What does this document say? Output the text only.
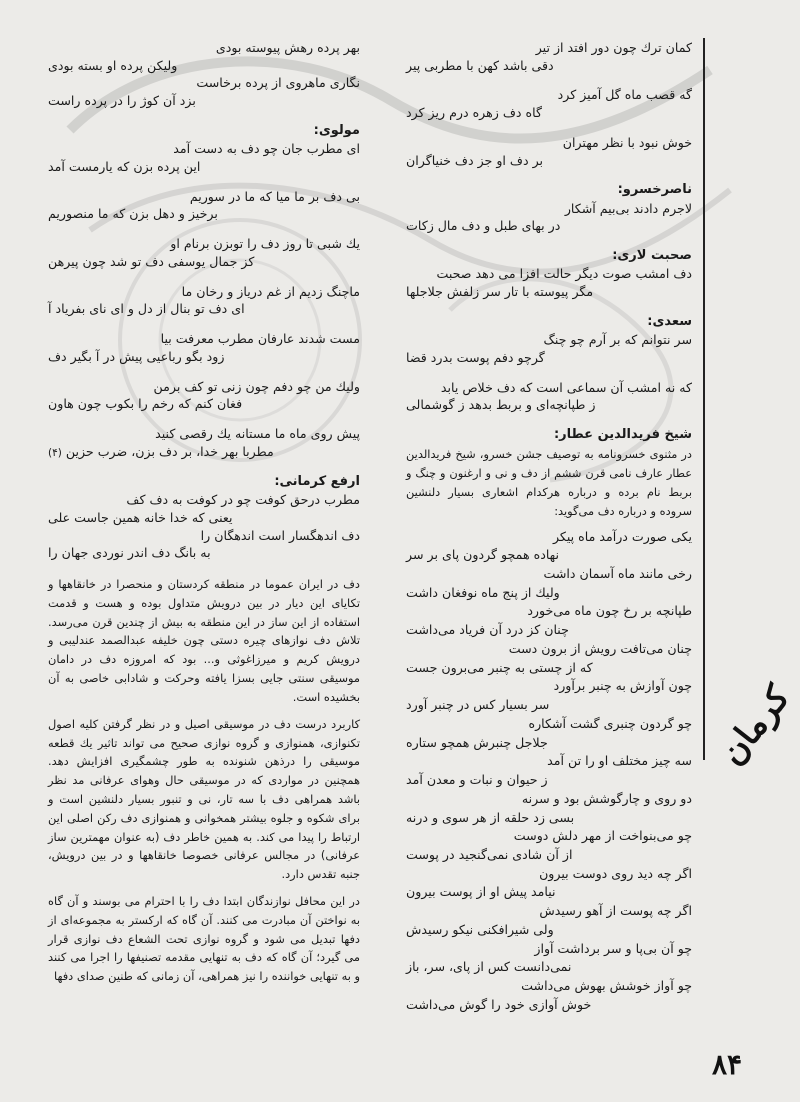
كمان ترك چون دور افتد از تير
دقى باشد كهن با مطربى پير
گه قصب ماه گل آميز كرد
گاه دف زهره درم ريز كرد
خوش نبود با نظر مهتران
بر دف او جز دف خنياگران
ناصرخسرو:
لاجرم دادند بى‌بيم آشكار
در بهاى طبل و دف مال زكات
صحبت لارى:
دف امشب صوت ديگر حالت افزا مى دهد صحبت
مگر پيوسته با تار سر زلفش جلاجلها
سعدى:
سر نتوانم كه بر آرم چو چنگ
گرچو دفم پوست بدرد قضا
كه نه امشب آن سماعى است كه دف خلاص يابد
ز طپانچه‌اى و بربط بدهد ز گوشمالى
شيخ فريدالدين عطار:

در مثنوى خسرونامه به توصيف جشن خسرو، شيخ فريدالدين عطار عارف نامى قرن ششم از دف و نى و ارغنون و چنگ و بربط نام برده و درباره هركدام اشعارى بسيار دلنشين سروده و درباره دف مى‌گويد:

يكى صورت درآمد ماه پيكر
نهاده همچو گردون پاى بر سر
رخى مانند ماه آسمان داشت
وليك از پنج ماه نوفغان داشت
طپانچه بر رخ چون ماه مى‌خورد
چنان كز درد آن فرياد مى‌داشت
چنان مى‌تافت رويش از برون دست
كه از چستى به چنبر مى‌برون جست
چون آوازش به چنبر برآورد
سر بسيار كس در چنبر آورد
چو گردون چنبرى گشت آشكاره
جلاجل چنبرش همچو ستاره
سه چيز مختلف او را تن آمد
ز حيوان و نبات و معدن آمد
دو روى و چارگوشش بود و سرنه
بسى زد حلقه از هر سوى و درنه
چو مى‌بنواخت از مهر دلش دوست
از آن شادى نمى‌گنجيد در پوست
اگر چه ديد روى دوست بيرون
نيامد پيش او از پوست بيرون
اگر چه پوست از آهو رسيدش
ولى شيرافكنى نيكو رسيدش
چو آن بى‌پا و سر برداشت آواز
نمى‌دانست كس از پاى، سر، باز
چو آواز خوشش بهوش مى‌داشت
خوش آوازى خود را گوش مى‌داشت
كرمان
۸۴
بهر پرده رهش پيوسته بودى
وليكن پرده او بسته بودى
نگارى ماهروى از پرده برخاست
بزد آن كوژ را در پرده راست
مولوى:
اى مطرب جان چو دف به دست آمد
اين پرده بزن كه يارمست آمد
بى دف بر ما ميا كه ما در سوريم
برخيز و دهل بزن كه ما منصوريم
يك شبى تا روز دف را توبزن برنام او
كز جمال يوسفى دف تو شد چون پيرهن
ماچنگ زديم از غم درياز و رخان ما
اى دف تو بنال از دل و اى ناى بفرياد آ
مست شدند عارفان مطرب معرفت بيا
زود بگو رباعيى پيش در آ بگير دف
وليك من چو دفم چون زنى تو كف برمن
فغان كنم كه رخم را بكوب چون هاون
پيش روى ماه ما مستانه يك رقصى كنيد
مطربا بهر خدا، بر دف بزن، ضرب حزين (۴)
ارفع كرمانى:
مطرب درحق كوفت چو در كوفت به دف كف
يعنى كه خدا خانه همين جاست على
دف اندهگسار است اندهگان را
به بانگ دف اندر نوردى جهان را

دف در ايران عموما در منطقه كردستان و منحصرا در خانقاهها و تكاياى اين ديار در بين درويش متداول بوده و هست و قدمت استفاده از اين ساز در اين منطقه به بيش از چندين قرن مى‌رسد. تلاش دف نوازهاى چيره دستى چون خليفه عبدالصمد عندليبى و درويش كريم و ميرزاغوثى و... بود كه امروزه دف در دامان موسيقى سنتى جايى بسزا يافته وحركت و شادابى خاصى به آن بخشيده است.

كاربرد درست دف در موسيقى اصيل و در نظر گرفتن كليه اصول تكنوازى، همنوازى و گروه نوازى صحيح مى تواند تاثير يك قطعه موسيقى را درذهن شنونده به طور چشمگيرى افزايش دهد. همچنين در مواردى كه در موسيقى حال وهواى عرفانى مد نظر باشد همراهى دف با سه تار، نى و تنبور بسيار دلنشين است و براى شكوه و جلوه بيشتر همخوانى و همنوازى دف ركن اصلى اين ارتباط را پيدا مى كند. به همين خاطر دف (به عنوان مهمترين ساز عرفانى) در مجالس عرفانى خصوصا خانقاهها و در بين درويش، جنبه تقدس دارد.

در اين محافل نوازندگان ابتدا دف را با احترام مى بوسند و آن گاه به نواختن آن مبادرت مى كنند. آن گاه كه اركستر به مجموعه‌اى از دفها تبديل مى شود و گروه نوازى تحت الشعاع دف نوازى قرار مى گيرد؛ آن گاه كه دف به تنهايى مقدمه تصنيفها را اجرا مى كنند و به تنهايى خواننده را نيز همراهى، آن زمانى كه طنين صداى دفها
